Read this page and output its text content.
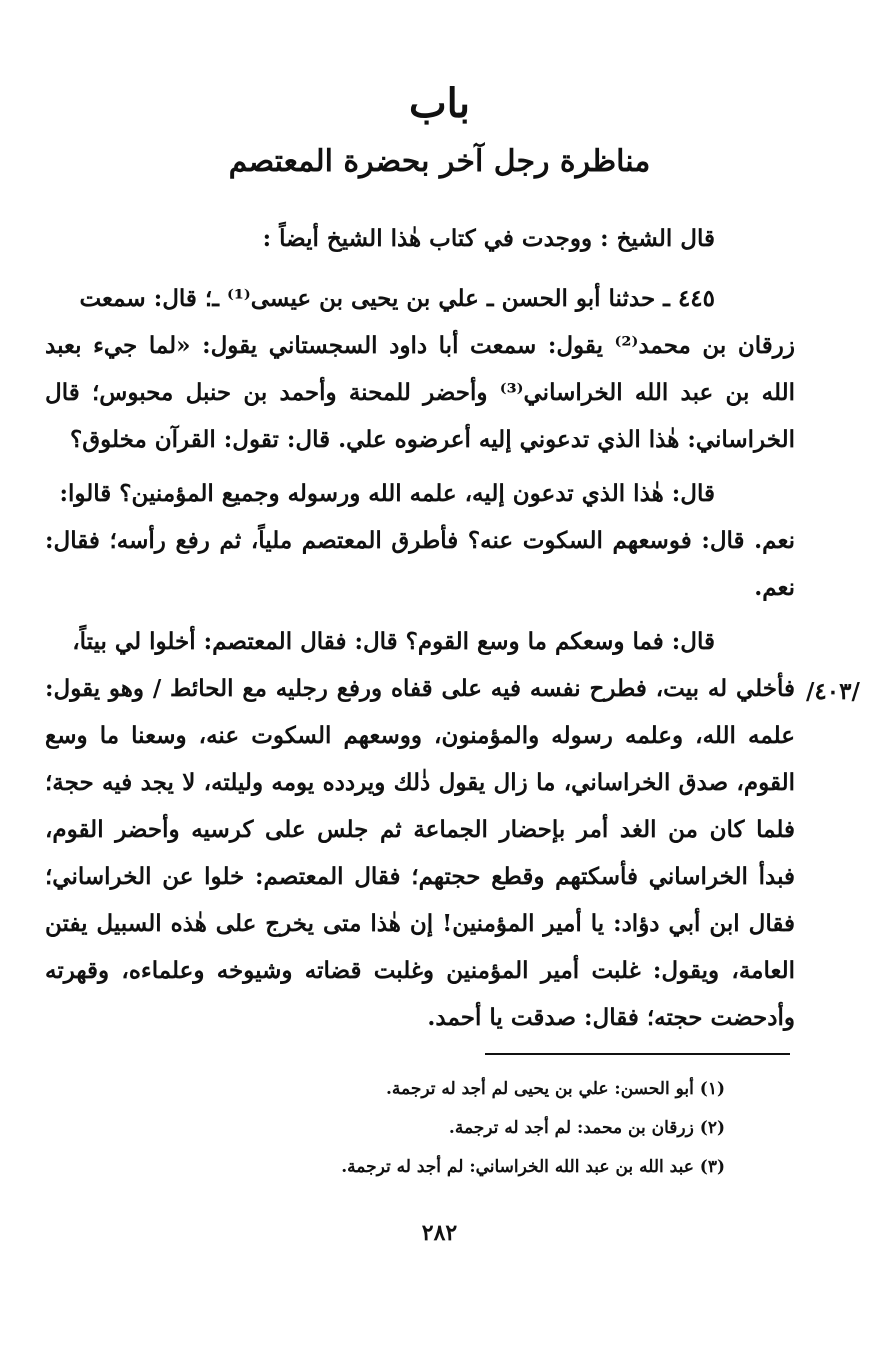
باب
مناظرة رجل آخر بحضرة المعتصم
قال الشيخ : ووجدت في كتاب هٰذا الشيخ أيضاً :
٤٤٥ ـ حدثنا أبو الحسن ـ علي بن يحيى بن عيسى⁽¹⁾ ـ؛ قال: سمعت
زرقان بن محمد⁽²⁾ يقول: سمعت أبا داود السجستاني يقول: «لما جيء بعبد الله بن عبد الله الخراساني⁽³⁾ وأحضر للمحنة وأحمد بن حنبل محبوس؛ قال الخراساني: هٰذا الذي تدعوني إليه أعرضوه علي. قال: تقول: القرآن مخلوق؟
قال: هٰذا الذي تدعون إليه، علمه الله ورسوله وجميع المؤمنين؟ قالوا:
نعم. قال: فوسعهم السكوت عنه؟ فأطرق المعتصم ملياً، ثم رفع رأسه؛ فقال: نعم.
قال: فما وسعكم ما وسع القوم؟ قال: فقال المعتصم: أخلوا لي بيتاً،
فأخلي له بيت، فطرح نفسه فيه على قفاه ورفع رجليه مع الحائط / وهو يقول: علمه الله، وعلمه رسوله والمؤمنون، ووسعهم السكوت عنه، وسعنا ما وسع القوم، صدق الخراساني، ما زال يقول ذٰلك ويردده يومه وليلته، لا يجد فيه حجة؛ فلما كان من الغد أمر بإحضار الجماعة ثم جلس على كرسيه وأحضر القوم، فبدأ الخراساني فأسكتهم وقطع حجتهم؛ فقال المعتصم: خلوا عن الخراساني؛ فقال ابن أبي دؤاد: يا أمير المؤمنين! إن هٰذا متى يخرج على هٰذه السبيل يفتن العامة، ويقول: غلبت أمير المؤمنين وغلبت قضاته وشيوخه وعلماءه، وقهرته وأدحضت حجته؛ فقال: صدقت يا أحمد.
/٤٠٣/
(١) أبو الحسن: علي بن يحيى لم أجد له ترجمة.
(٢) زرقان بن محمد: لم أجد له ترجمة.
(٣) عبد الله بن عبد الله الخراساني: لم أجد له ترجمة.
٢٨٢
